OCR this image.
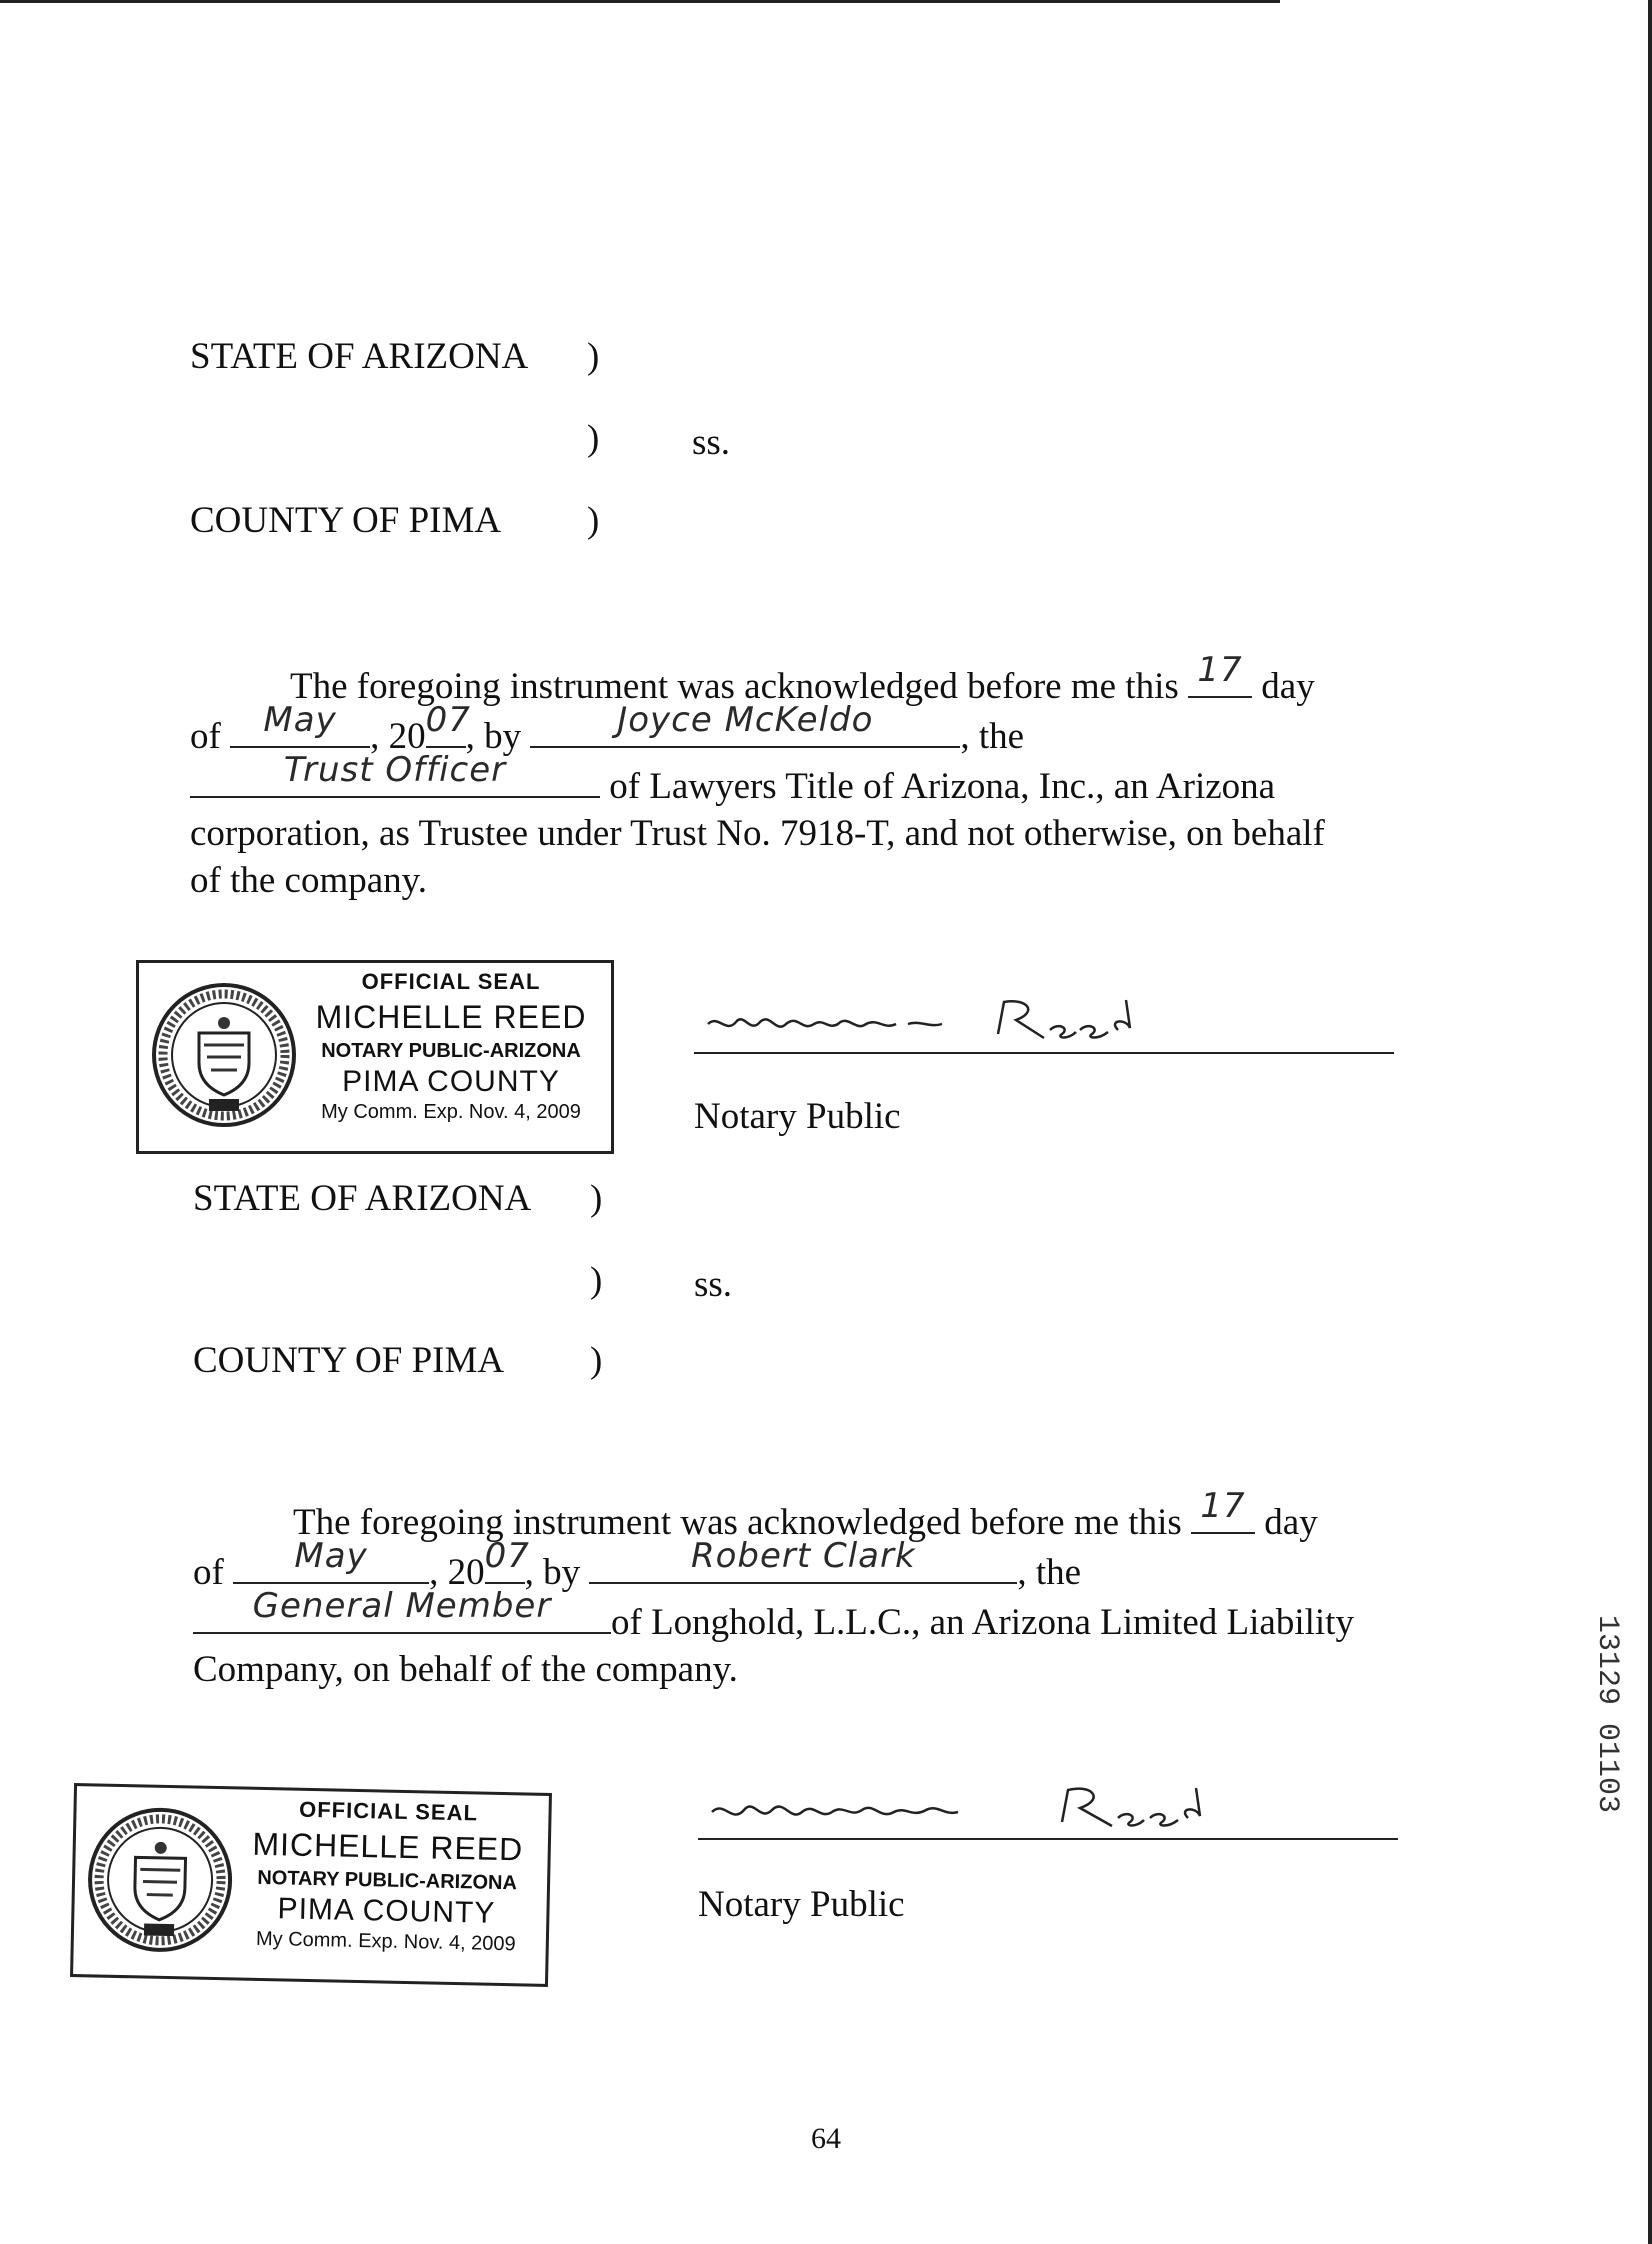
STATE OF ARIZONA )
)	ss.
COUNTY OF PIMA )

The foregoing instrument was acknowledged before me this 17 day

of	May , 20 07
, by	Joyce McKeldo	, the

Trust Officer	of Lawyers Title of Arizona, Inc., an Arizona

corporation, as Trustee under Trust No. 7918-T, and not otherwise, on behalf

of the company.

OFFICIAL SEAL
MICHELLE REED
NOTARY PUBLIC-ARIZONA
PIMA COUNTY
My Comm. Exp. Nov. 4, 2009	Notary Public
STATE OF ARIZONA )
) ss.
COUNTY OF PIMA )

The foregoing instrument was acknowledged before me this 17 day

of	May	, 20 07
, by	Robert Clark	, the

General Member	of Longhold, L.L.C., an Arizona Limited Liability

Company, on behalf of the company.

OFFICIAL SEAL
MICHELLE REED
NOTARY PUBLIC-ARIZONA
PIMA COUNTY
My Comm. Exp. Nov. 4, 2009
Notary Public
13129 01103
64
